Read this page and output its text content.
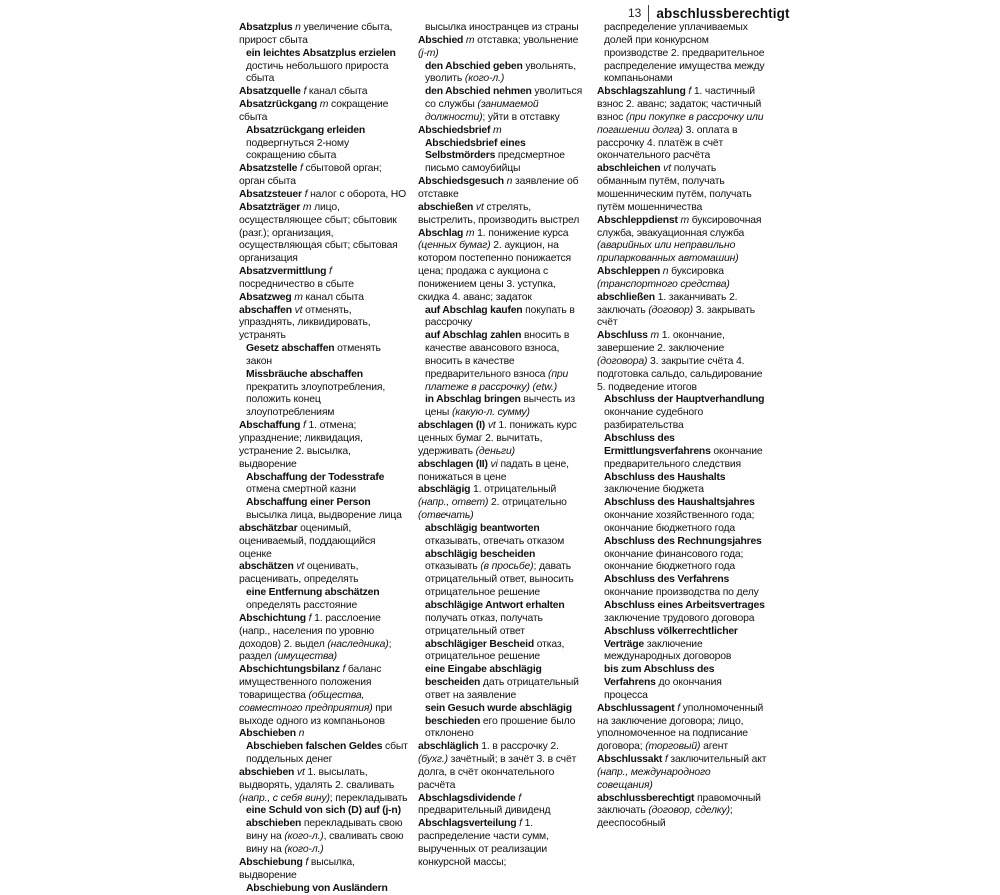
13	abschlussberechtigt
Absatzplus n увеличение сбыта, прирост сбыта
ein leichtes Absatzplus erzielen достичь небольшого прироста сбыта
Absatzquelle f канал сбыта
Absatzrückgang m сокращение сбыта
Absatzrückgang erleiden подвергнуться 2-ному сокращению сбыта
Absatzstelle f сбытовой орган; орган сбыта
Absatzsteuer f налог с оборота, НО
Absatzträger m лицо, осуществляющее сбыт; сбытовик (разг.); организация, осуществляющая сбыт; сбытовая организация
Absatzvermittlung f посредничество в сбыте
Absatzweg m канал сбыта
abschaffen vt отменять, упразднять, ликвидировать, устранять
Gesetz abschaffen отменять закон
Missbräuche abschaffen прекратить злоупотребления, положить конец злоупотреблениям
Abschaffung f 1. отмена; упразднение; ликвидация, устранение 2. высылка, выдворение
Abschaffung der Todesstrafe отмена смертной казни
Abschaffung einer Person высылка лица, выдворение лица
abschätzbar оценимый, оцениваемый, поддающийся оценке
abschätzen vt оценивать, расценивать, определять
eine Entfernung abschätzen определять расстояние
Abschichtung f 1. расслоение (напр., населения по уровню доходов) 2. выдел (наследника); раздел (имущества)
Abschichtungsbilanz f баланс имущественного положения товарищества (общества, совместного предприятия) при выходе одного из компаньонов
Abschieben n
Abschieben falschen Geldes сбыт поддельных денег
abschieben vt 1. высылать, выдворять, удалять 2. сваливать (напр., с себя вину); перекладывать
eine Schuld von sich (D) auf (j-n) abschieben перекладывать свою вину на (кого-л.), сваливать свою вину на (кого-л.)
Abschiebung f высылка, выдворение
Abschiebung von Ausländern
высылка иностранцев из страны
Abschied m отставка; увольнение (j-m)
den Abschied geben увольнять, уволить (кого-л.)
den Abschied nehmen уволиться со службы (занимаемой должности); уйти в отставку
Abschiedsbrief m
Abschiedsbrief eines Selbstmörders предсмертное письмо самоубийцы
Abschiedsgesuch n заявление об отставке
abschießen vt стрелять, выстрелить, производить выстрел
Abschlag m 1. понижение курса (ценных бумаг) 2. аукцион, на котором постепенно понижается цена; продажа с аукциона с понижением цены 3. уступка, скидка 4. аванс; задаток
auf Abschlag kaufen покупать в рассрочку
auf Abschlag zahlen вносить в качестве авансового взноса, вносить в качестве предварительного взноса (при платеже в рассрочку) (etw.)
in Abschlag bringen вычесть из цены (какую-л. сумму)
abschlagen (I) vt 1. понижать курс ценных бумаг 2. вычитать, удерживать (деньги)
abschlagen (II) vi падать в цене, понижаться в цене
abschlägig 1. отрицательный (напр., ответ) 2. отрицательно (отвечать)
abschlägig beantworten отказывать, отвечать отказом
abschlägig bescheiden отказывать (в просьбе); давать отрицательный ответ, выносить отрицательное решение
abschlägige Antwort erhalten получать отказ, получать отрицательный ответ
abschlägiger Bescheid отказ, отрицательное решение
eine Eingabe abschlägig bescheiden дать отрицательный ответ на заявление
sein Gesuch wurde abschlägig beschieden его прошение было отклонено
abschläglich 1. в рассрочку 2. (бухг.) зачётный; в зачёт 3. в счёт долга, в счёт окончательного расчёта
Abschlagsdividende f предварительный дивиденд
Abschlagsverteilung f 1. распределение части сумм, вырученных от реализации конкурсной массы;
распределение уплачиваемых долей при конкурсном производстве 2. предварительное распределение имущества между компаньонами
Abschlagszahlung f 1. частичный взнос 2. аванс; задаток; частичный взнос (при покупке в рассрочку или погашении долга) 3. оплата в рассрочку 4. платёж в счёт окончательного расчёта
abschleichen vt получать обманным путём, получать мошенническим путём, получать путём мошенничества
Abschleppdienst m буксировочная служба, эвакуационная служба (аварийных или неправильно припаркованных автомашин)
Abschleppen n буксировка (транспортного средства)
abschließen 1. заканчивать 2. заключать (договор) 3. закрывать счёт
Abschluss m 1. окончание, завершение 2. заключение (договора) 3. закрытие счёта 4. подготовка сальдо, сальдирование 5. подведение итогов
Abschluss der Hauptverhandlung окончание судебного разбирательства
Abschluss des Ermittlungsverfahrens окончание предварительного следствия
Abschluss des Haushalts заключение бюджета
Abschluss des Haushaltsjahres окончание хозяйственного года; окончание бюджетного года
Abschluss des Rechnungsjahres окончание финансового года; окончание бюджетного года
Abschluss des Verfahrens окончание производства по делу
Abschluss eines Arbeitsvertrages заключение трудового договора
Abschluss völkerrechtlicher Verträge заключение международных договоров
bis zum Abschluss des Verfahrens до окончания процесса
Abschlussagent f уполномоченный на заключение договора; лицо, уполномоченное на подписание договора; (торговый) агент
Abschlussakt f заключительный акт (напр., международного совещания)
abschlussberechtigt правомочный заключать (договор, сделку); дееспособный
